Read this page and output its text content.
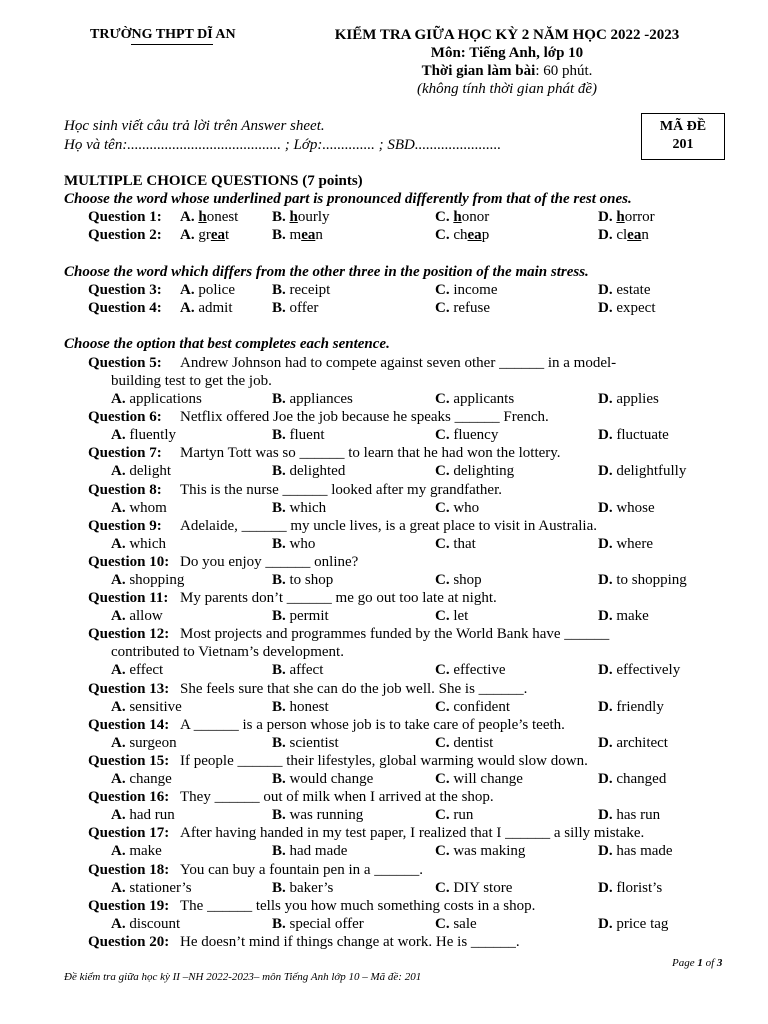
TRƯỜNG THPT DĨ AN	KIỂM TRA GIỮA HỌC KỲ 2 NĂM HỌC 2022 -2023
Môn: Tiếng Anh, lớp 10
Thời gian làm bài: 60 phút.
(không tính thời gian phát đề)
Học sinh viết câu trả lời trên Answer sheet.
Họ và tên:......................................... ; Lớp:.............. ; SBD.......................
MÃ ĐỀ
201
MULTIPLE CHOICE QUESTIONS (7 points)
Choose the word whose underlined part is pronounced differently from that of the rest ones.
Question 1: A. honest B. hourly	C. honor	D. horror
Question 2: A. great	B. mean	C. cheap	D. clean
Choose the word which differs from the other three in the position of the main stress.
Question 3: A. police B. receipt	C. income	D. estate
Question 4: A. admit	B. offer	C. refuse	D. expect
Choose the option that best completes each sentence.
Question 5: Andrew Johnson had to compete against seven other ______ in a model-
building test to get the job.
A. applications	B. appliances	C. applicants	D. applies
Question 6: Netflix offered Joe the job because he speaks ______ French.
A. fluently	B. fluent	C. fluency	D. fluctuate
Question 7: Martyn Tott was so ______ to learn that he had won the lottery.
A. delight	B. delighted	C. delighting	D. delightfully
Question 8: This is the nurse ______ looked after my grandfather.
A. whom	B. which	C. who	D. whose
Question 9: Adelaide, ______ my uncle lives, is a great place to visit in Australia.
A. which	B. who	C. that	D. where
Question 10: Do you enjoy ______ online?
A. shopping	B. to shop	C. shop	D. to shopping
Question 11: My parents don’t ______ me go out too late at night.
A. allow	B. permit	C. let	D. make
Question 12: Most projects and programmes funded by the World Bank have ______
contributed to Vietnam’s development.
A. effect	B. affect	C. effective	D. effectively
Question 13: She feels sure that she can do the job well. She is ______.
A. sensitive	B. honest	C. confident	D. friendly
Question 14: A ______ is a person whose job is to take care of people’s teeth.
A. surgeon	B. scientist	C. dentist	D. architect
Question 15: If people ______ their lifestyles, global warming would slow down.
A. change	B. would change	C. will change	D. changed
Question 16: They ______ out of milk when I arrived at the shop.
A. had run	B. was running	C. run	D. has run
Question 17: After having handed in my test paper, I realized that I ______ a silly mistake.
A. make	B. had made	C. was making	D. has made
Question 18: You can buy a fountain pen in a ______.
A. stationer’s	B. baker’s	C. DIY store	D. florist’s
Question 19: The ______ tells you how much something costs in a shop.
A. discount	B. special offer	C. sale	D. price tag
Question 20: He doesn’t mind if things change at work. He is ______.
Page 1 of 3
Đề kiểm tra giữa học kỳ II –NH 2022-2023– môn Tiếng Anh lớp 10 – Mã đề: 201
